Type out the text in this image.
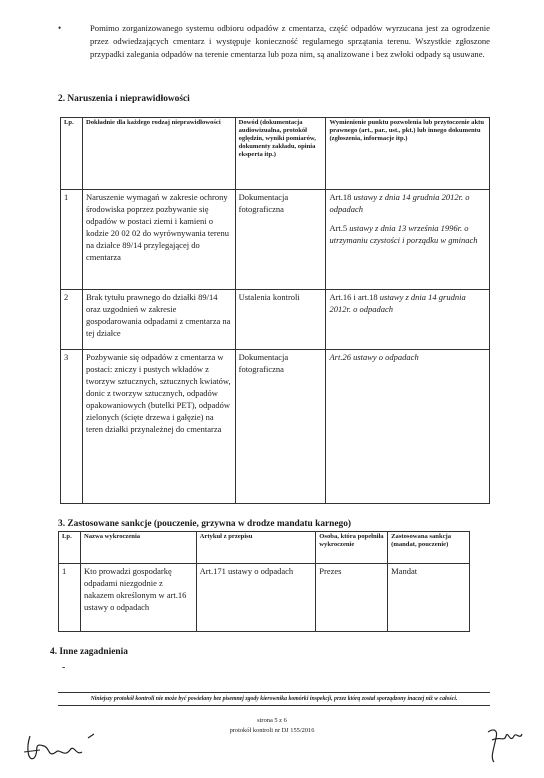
•	Pomimo zorganizowanego systemu odbioru odpadów z cmentarza, część odpadów wyrzucana jest za ogrodzenie przez odwiedzających cmentarz i występuje konieczność regularnego sprzątania terenu. Wszystkie zgłoszone przypadki zalegania odpadów na terenie cmentarza lub poza nim, są analizowane i bez zwłoki odpady są usuwane.
2. Naruszenia i nieprawidłowości
Lp.	Dokładnie dla każdego rodzaj nieprawidłowości	Dowód (dokumentacja audiowizualna, protokół oględzin, wyniki pomiarów, dokumenty zakładu, opinia eksperta itp.)	Wymienienie punktu pozwolenia lub przytoczenie aktu prawnego (art., par., ust., pkt.) lub innego dokumentu (zgłoszenia, informacje itp.)
1	Naruszenie wymagań w zakresie ochrony środowiska poprzez pozbywanie się odpadów w postaci ziemi i kamieni o kodzie 20 02 02 do wyrównywania terenu na działce 89/14 przylegającej do cmentarza	Dokumentacja fotograficzna	Art.18 ustawy z dnia 14 grudnia 2012r. o odpadach

Art.5 ustawy z dnia 13 września 1996r. o utrzymaniu czystości i porządku w gminach

2	Brak tytułu prawnego do działki 89/14 oraz uzgodnień w zakresie gospodarowania odpadami z cmentarza na tej działce	Ustalenia kontroli	Art.16 i art.18 ustawy z dnia 14 grudnia 2012r. o odpadach
3	Pozbywanie się odpadów z cmentarza w postaci: zniczy i pustych wkładów z tworzyw sztucznych, sztucznych kwiatów, donic z tworzyw sztucznych, odpadów opakowaniowych (butelki PET), odpadów zielonych (ścięte drzewa i gałęzie) na teren działki przynależnej do cmentarza	Dokumentacja fotograficzna	Art.26 ustawy o odpadach
3. Zastosowane sankcje (pouczenie, grzywna w drodze mandatu karnego)
Lp.	Nazwa wykroczenia	Artykuł z przepisu	Osoba, która popełniła wykroczenie	Zastosowana sankcja (mandat, pouczenie)
1	Kto prowadzi gospodarkę odpadami niezgodnie z nakazem określonym w art.16 ustawy o odpadach	Art.171 ustawy o odpadach	Prezes	Mandat
4. Inne zagadnienia
-
Niniejszy protokół kontroli nie może być powielany bez pisemnej zgody kierownika komórki inspekcji, przez którą został sporządzony inaczej niż w całości.
strona 5 z 6
protokół kontroli nr DJ 155/2016
